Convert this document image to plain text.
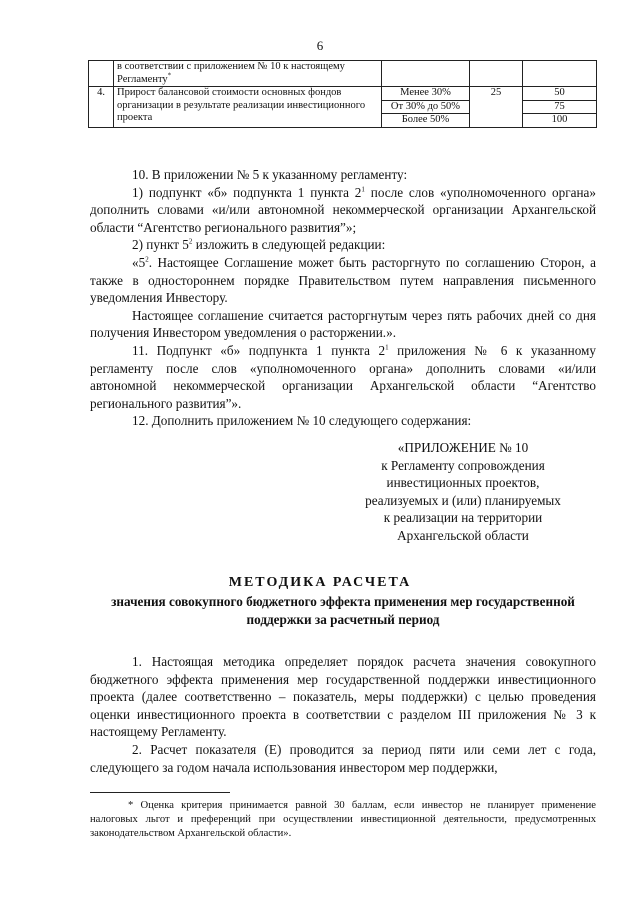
6
	в соответствии с приложением № 10 к настоящему Регламенту*			
4.	Прирост балансовой стоимости основных фондов организации в результате реализации инвестиционного проекта	Менее 30%	25	50
		От 30% до 50%		75
		Более 50%		100

10. В приложении № 5 к указанному регламенту:

1) подпункт «б» подпункта 1 пункта $2^1$ после слов «уполномоченного органа» дополнить словами «и/или автономной некоммерческой организации Архангельской области “Агентство регионального развития”»;

2) пункт $5^2$ изложить в следующей редакции:

«$5^2$. Настоящее Соглашение может быть расторгнуто по соглашению Сторон, а также в одностороннем порядке Правительством путем направления письменного уведомления Инвестору.

Настоящее соглашение считается расторгнутым через пять рабочих дней со дня получения Инвестором уведомления о расторжении.».

11. Подпункт «б» подпункта 1 пункта $2^1$ приложения № 6 к указанному регламенту после слов «уполномоченного органа» дополнить словами «и/или автономной некоммерческой организации Архангельской области “Агентство регионального развития”».

12. Дополнить приложением № 10 следующего содержания:

«ПРИЛОЖЕНИЕ № 10
к Регламенту сопровождения
инвестиционных проектов,
реализуемых и (или) планируемых
к реализации на территории
Архангельской области
МЕТОДИКА РАСЧЕТА
значения совокупного бюджетного эффекта применения мер государственной поддержки за расчетный период

1. Настоящая методика определяет порядок расчета значения совокупного бюджетного эффекта применения мер государственной поддержки инвестиционного проекта (далее соответственно – показатель, меры поддержки) с целью проведения оценки инвестиционного проекта в соответствии с разделом III приложения № 3 к настоящему Регламенту.

2. Расчет показателя (E) проводится за период пяти или семи лет с года, следующего за годом начала использования инвестором мер поддержки,

* Оценка критерия принимается равной 30 баллам, если инвестор не планирует применение налоговых льгот и преференций при осуществлении инвестиционной деятельности, предусмотренных законодательством Архангельской области».
